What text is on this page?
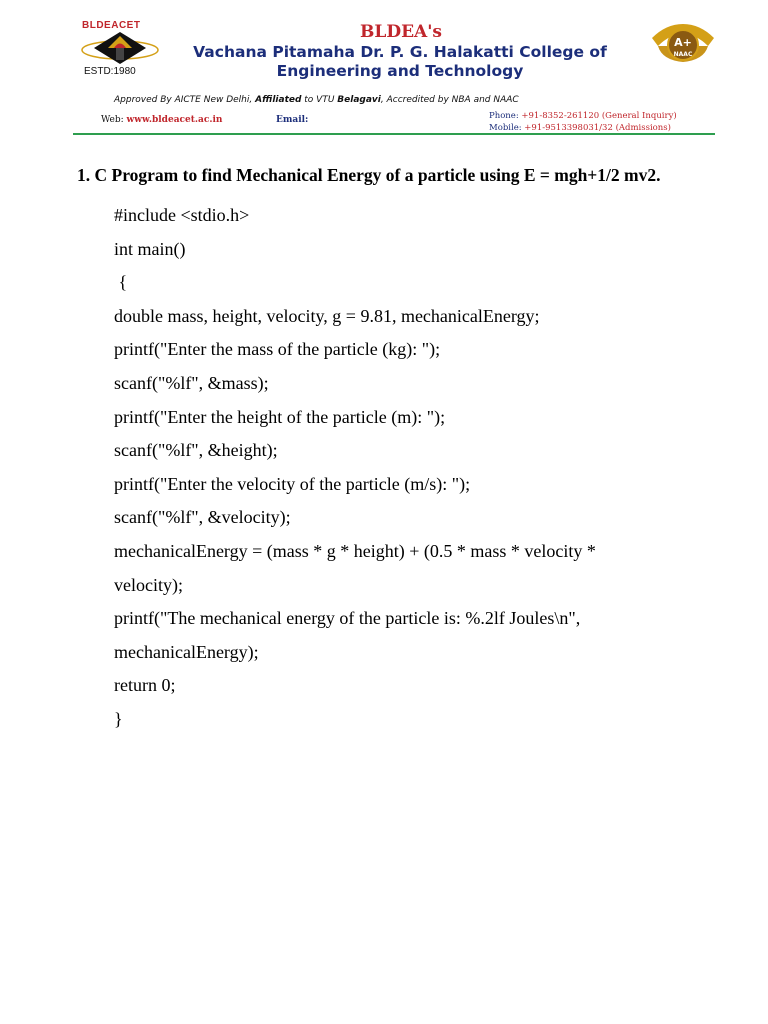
BLDEACET
ESTD:1980
BLDEA's
Vachana Pitamaha Dr. P. G. Halakatti College of
Engineering and Technology
A+
NAAC
Approved By AICTE New Delhi, Affiliated to VTU Belagavi, Accredited by NBA and NAAC
Web: www.bldeacet.ac.in	Email:	Phone: +91-8352-261120 (General Inquiry)
Mobile: +91-9513398031/32 (Admissions)
1. C Program to find Mechanical Energy of a particle using E = mgh+1/2 mv2.
#include <stdio.h>
int main()
{
double mass, height, velocity, g = 9.81, mechanicalEnergy;
printf("Enter the mass of the particle (kg): ");
scanf("%lf", &mass);
printf("Enter the height of the particle (m): ");
scanf("%lf", &height);
printf("Enter the velocity of the particle (m/s): ");
scanf("%lf", &velocity);
mechanicalEnergy = (mass * g * height) + (0.5 * mass * velocity *
velocity);
printf("The mechanical energy of the particle is: %.2lf Joules\n",
mechanicalEnergy);
return 0;
}
